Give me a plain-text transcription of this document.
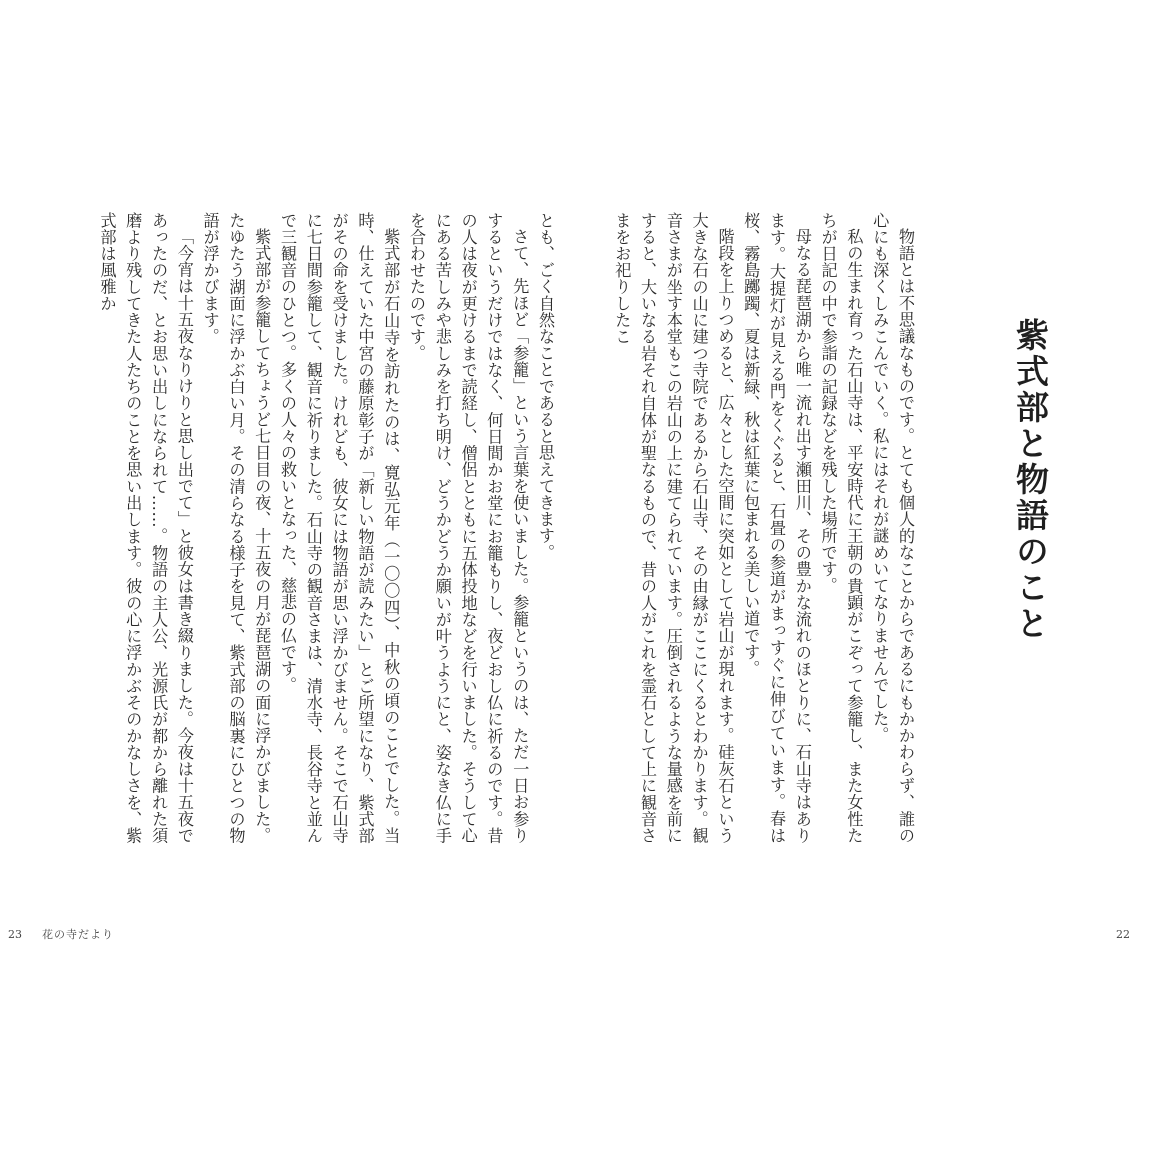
とも、ごく自然なことであると思えてきます。

さて、先ほど「参籠」という言葉を使いました。参籠というのは、ただ一日お参りするというだけではなく、何日間かお堂にお籠もりし、夜どおし仏に祈るのです。昔の人は夜が更けるまで読経し、僧侶とともに五体投地などを行いました。そうして心にある苦しみや悲しみを打ち明け、どうかどうか願いが叶うようにと、姿なき仏に手を合わせたのです。

紫式部が石山寺を訪れたのは、寛弘元年（一〇〇四）、中秋の頃のことでした。当時、仕えていた中宮の藤原彰子が「新しい物語が読みたい」とご所望になり、紫式部がその命を受けました。けれども、彼女には物語が思い浮かびません。そこで石山寺に七日間参籠して、観音に祈りました。石山寺の観音さまは、清水寺、長谷寺と並んで三観音のひとつ。多くの人々の救いとなった、慈悲の仏です。

紫式部が参籠してちょうど七日目の夜、十五夜の月が琵琶湖の面に浮かびました。たゆたう湖面に浮かぶ白い月。その清らなる様子を見て、紫式部の脳裏にひとつの物語が浮かびます。

「今宵は十五夜なりけりと思し出でて」と彼女は書き綴りました。今夜は十五夜であったのだ、とお思い出しになられて……。物語の主人公、光源氏が都から離れた須磨より残してきた人たちのことを思い出します。彼の心に浮かぶそのかなしさを、紫式部は風雅か

23 花の寺だより
紫式部と物語のこと

物語とは不思議なものです。とても個人的なことからであるにもかかわらず、誰の心にも深くしみこんでいく。私にはそれが謎めいてなりませんでした。

私の生まれ育った石山寺は、平安時代に王朝の貴顕がこぞって参籠し、また女性たちが日記の中で参詣の記録などを残した場所です。

母なる琵琶湖から唯一流れ出す瀬田川、その豊かな流れのほとりに、石山寺はあります。大提灯が見える門をくぐると、石畳の参道がまっすぐに伸びています。春は桜、霧島躑躅、夏は新緑、秋は紅葉に包まれる美しい道です。

階段を上りつめると、広々とした空間に突如として岩山が現れます。硅灰石という大きな石の山に建つ寺院であるから石山寺、その由縁がここにくるとわかります。観音さまが坐す本堂もこの岩山の上に建てられています。圧倒されるような量感を前にすると、大いなる岩それ自体が聖なるもので、昔の人がこれを霊石として上に観音さまをお祀りしたこ

22
